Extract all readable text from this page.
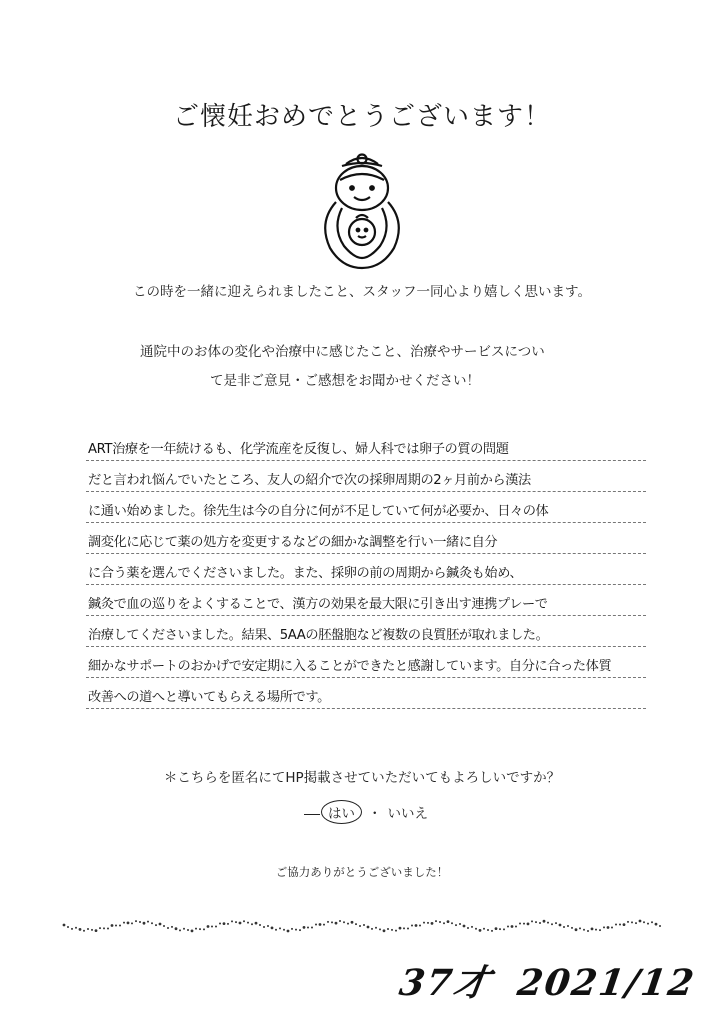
ご懐妊おめでとうございます！
この時を一緒に迎えられましたこと、スタッフ一同心より嬉しく思います。
通院中のお体の変化や治療中に感じたこと、治療やサービスについ
て是非ご意見・ご感想をお聞かせください！
ART治療を一年続けるも、化学流産を反復し、婦人科では卵子の質の問題
だと言われ悩んでいたところ、友人の紹介で次の採卵周期の2ヶ月前から漢法
に通い始めました。徐先生は今の自分に何が不足していて何が必要か、日々の体
調変化に応じて薬の処方を変更するなどの細かな調整を行い一緒に自分
に合う薬を選んでくださいました。また、採卵の前の周期から鍼灸も始め、
鍼灸で血の巡りをよくすることで、漢方の効果を最大限に引き出す連携プレーで
治療してくださいました。結果、5AAの胚盤胞など複数の良質胚が取れました。
細かなサポートのおかげで安定期に入ることができたと感謝しています。自分に合った体質
改善への道へと導いてもらえる場所です。
＊こちらを匿名にてHP掲載させていただいてもよろしいですか？
はい ・ いいえ
ご協力ありがとうございました！
37才 2021/12
